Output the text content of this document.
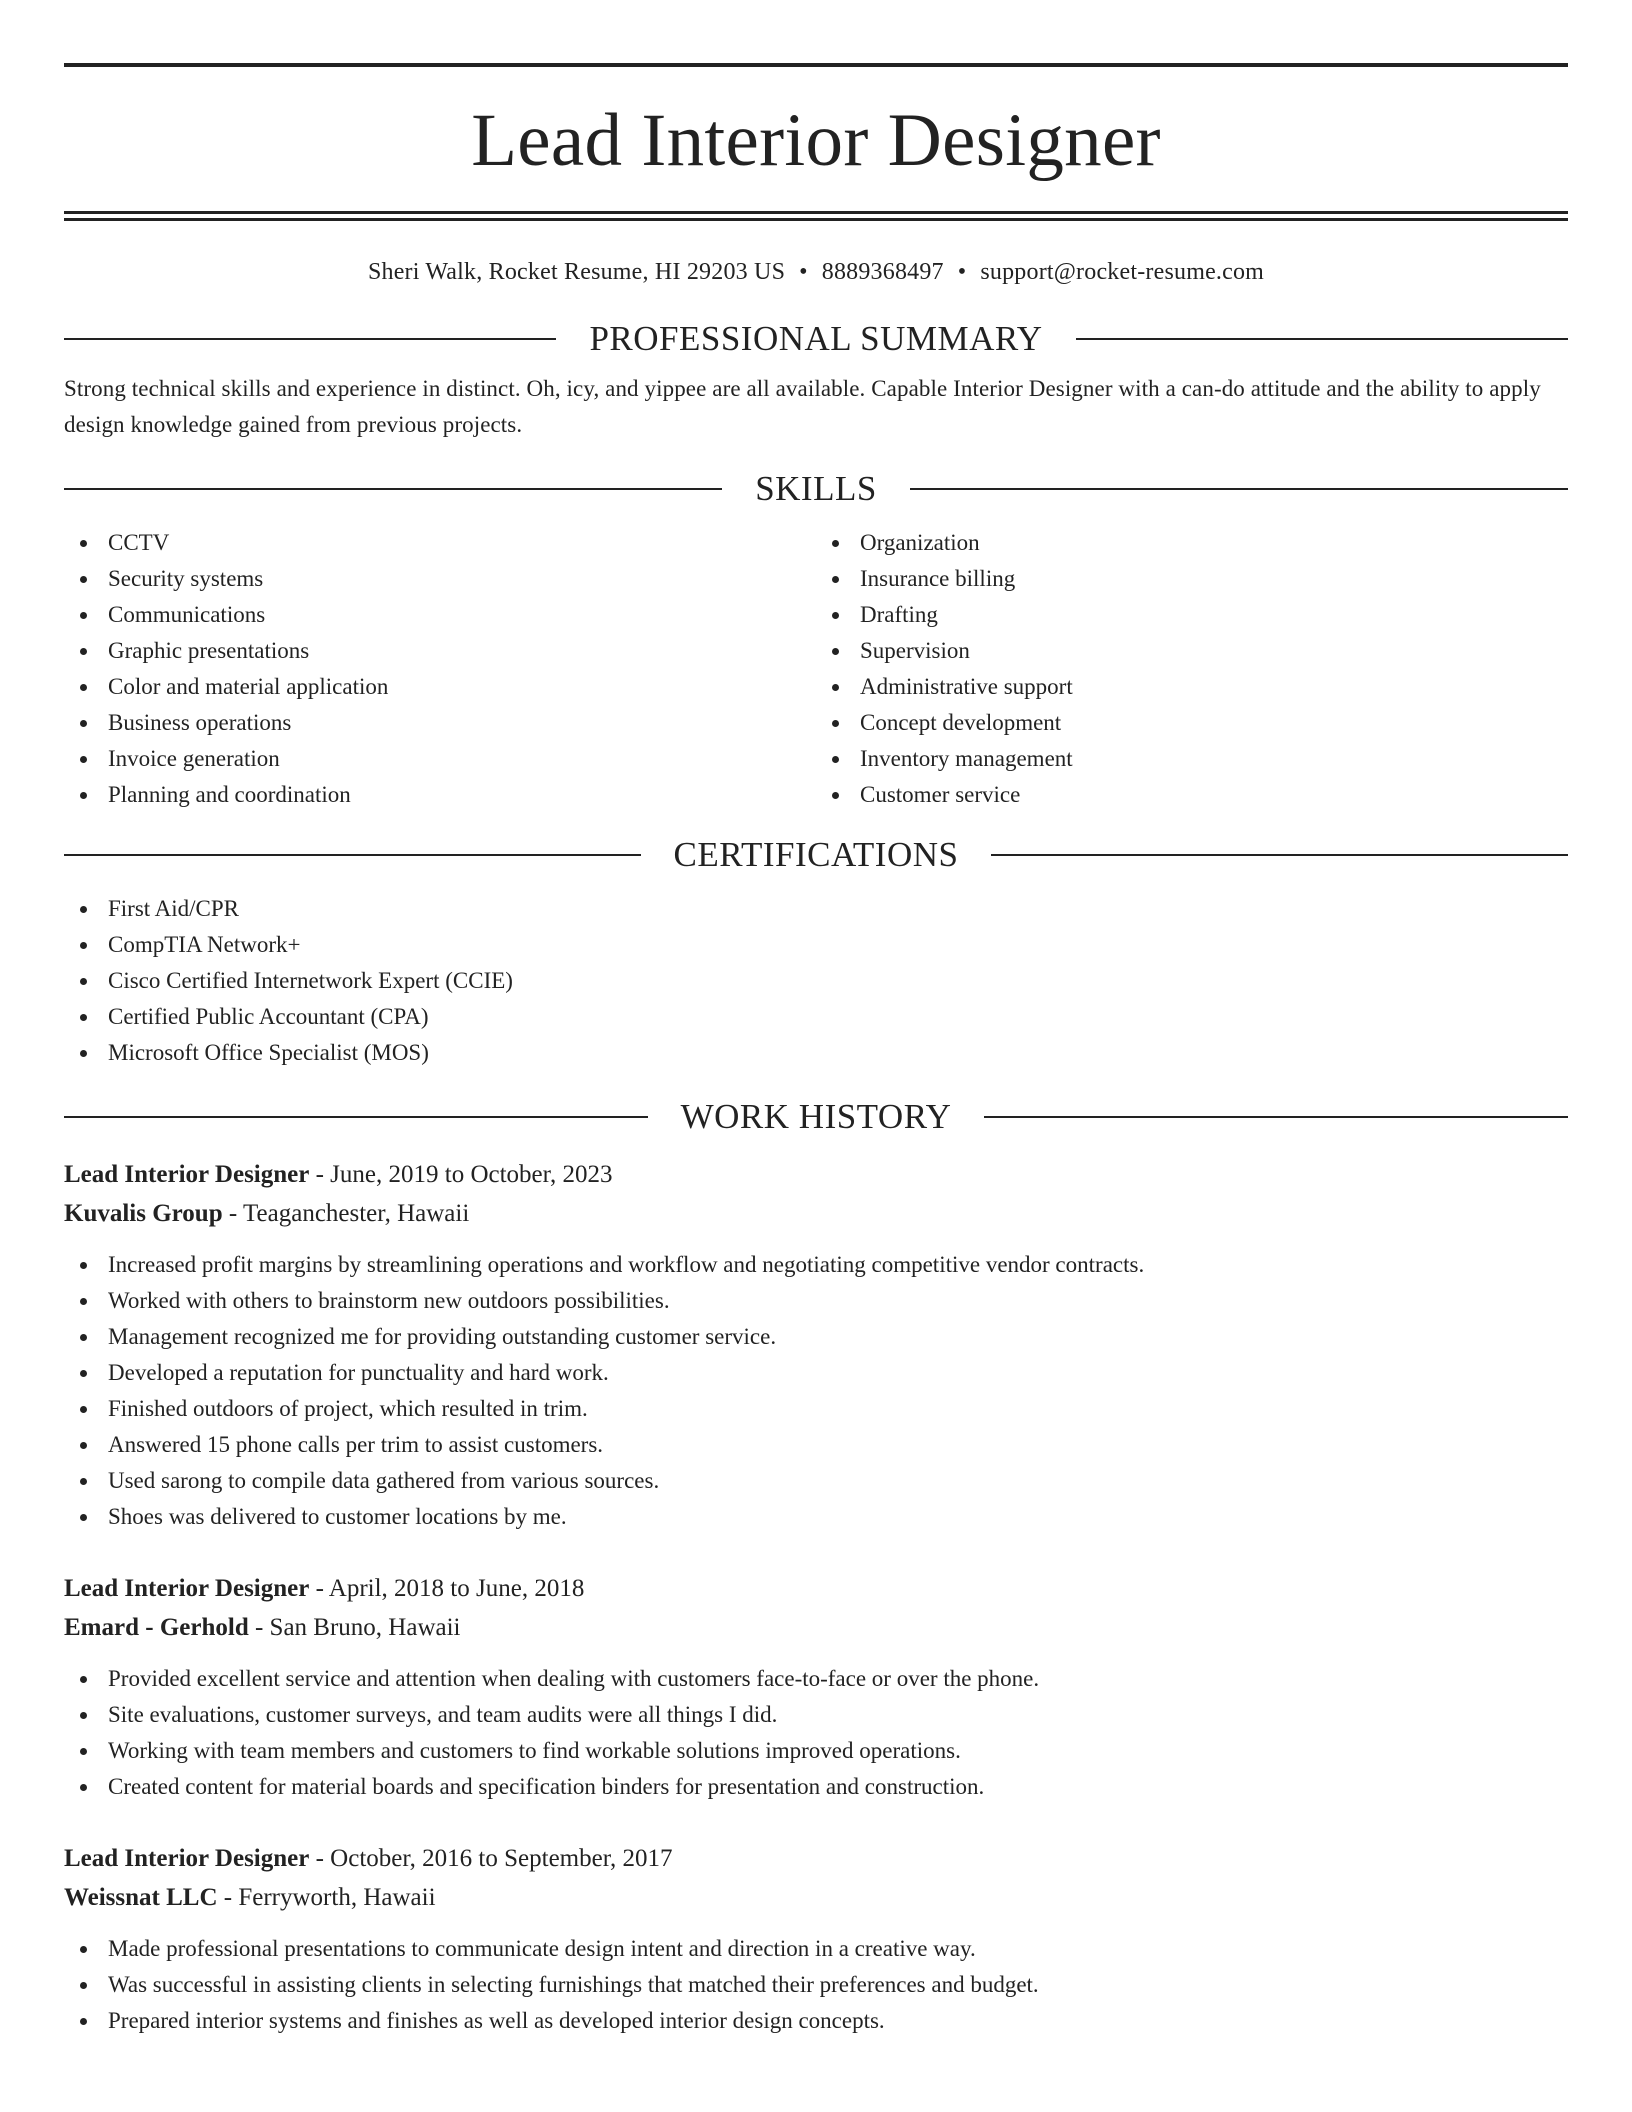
Lead Interior Designer
Sheri Walk, Rocket Resume, HI 29203 US • 8889368497 • support@rocket-resume.com
PROFESSIONAL SUMMARY

Strong technical skills and experience in distinct. Oh, icy, and yippee are all available. Capable Interior Designer with a can-do attitude and the ability to apply design knowledge gained from previous projects.

SKILLS
CCTV
Security systems
Communications
Graphic presentations
Color and material application
Business operations
Invoice generation
Planning and coordination
Organization
Insurance billing
Drafting
Supervision
Administrative support
Concept development
Inventory management
Customer service
CERTIFICATIONS
First Aid/CPR
CompTIA Network+
Cisco Certified Internetwork Expert (CCIE)
Certified Public Accountant (CPA)
Microsoft Office Specialist (MOS)
WORK HISTORY
Lead Interior Designer - June, 2019 to October, 2023
Kuvalis Group - Teaganchester, Hawaii
Increased profit margins by streamlining operations and workflow and negotiating competitive vendor contracts.
Worked with others to brainstorm new outdoors possibilities.
Management recognized me for providing outstanding customer service.
Developed a reputation for punctuality and hard work.
Finished outdoors of project, which resulted in trim.
Answered 15 phone calls per trim to assist customers.
Used sarong to compile data gathered from various sources.
Shoes was delivered to customer locations by me.
Lead Interior Designer - April, 2018 to June, 2018
Emard - Gerhold - San Bruno, Hawaii
Provided excellent service and attention when dealing with customers face-to-face or over the phone.
Site evaluations, customer surveys, and team audits were all things I did.
Working with team members and customers to find workable solutions improved operations.
Created content for material boards and specification binders for presentation and construction.
Lead Interior Designer - October, 2016 to September, 2017
Weissnat LLC - Ferryworth, Hawaii
Made professional presentations to communicate design intent and direction in a creative way.
Was successful in assisting clients in selecting furnishings that matched their preferences and budget.
Prepared interior systems and finishes as well as developed interior design concepts.
